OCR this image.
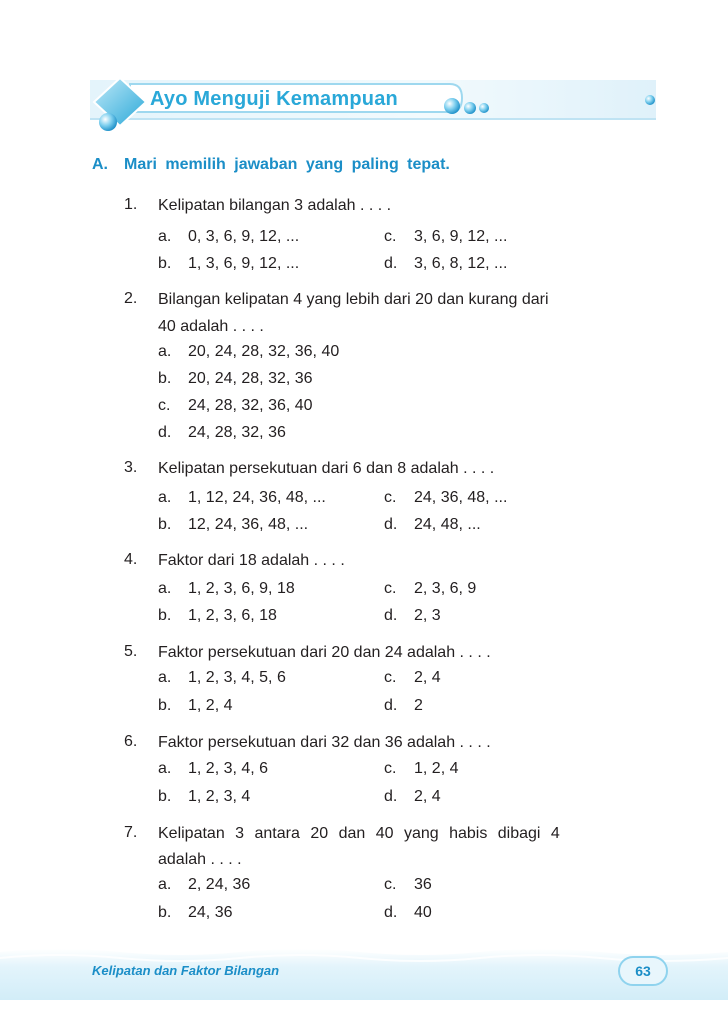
Ayo Menguji Kemampuan
A. Mari memilih jawaban yang paling tepat.
1. Kelipatan bilangan 3 adalah . . . .
a. 0, 3, 6, 9, 12, ...	c. 3, 6, 9, 12, ...
b. 1, 3, 6, 9, 12, ...	d. 3, 6, 8, 12, ...
2. Bilangan kelipatan 4 yang lebih dari 20 dan kurang dari
40 adalah . . . .
a. 20, 24, 28, 32, 36, 40
b. 20, 24, 28, 32, 36
c. 24, 28, 32, 36, 40
d. 24, 28, 32, 36
3. Kelipatan persekutuan dari 6 dan 8 adalah . . . .
a. 1, 12, 24, 36, 48, ...	c. 24, 36, 48, ...
b. 12, 24, 36, 48, ...	d. 24, 48, ...
4. Faktor dari 18 adalah . . . .
a. 1, 2, 3, 6, 9, 18	c. 2, 3, 6, 9
b. 1, 2, 3, 6, 18	d. 2, 3
5. Faktor persekutuan dari 20 dan 24 adalah . . . .
a. 1, 2, 3, 4, 5, 6	c. 2, 4
b. 1, 2, 4	d. 2
6. Faktor persekutuan dari 32 dan 36 adalah . . . .
a. 1, 2, 3, 4, 6	c. 1, 2, 4
b. 1, 2, 3, 4	d. 2, 4
7. Kelipatan 3 antara 20 dan 40 yang habis dibagi 4
adalah . . . .
a. 2, 24, 36	c. 36
b. 24, 36	d. 40
Kelipatan dan Faktor Bilangan	63
